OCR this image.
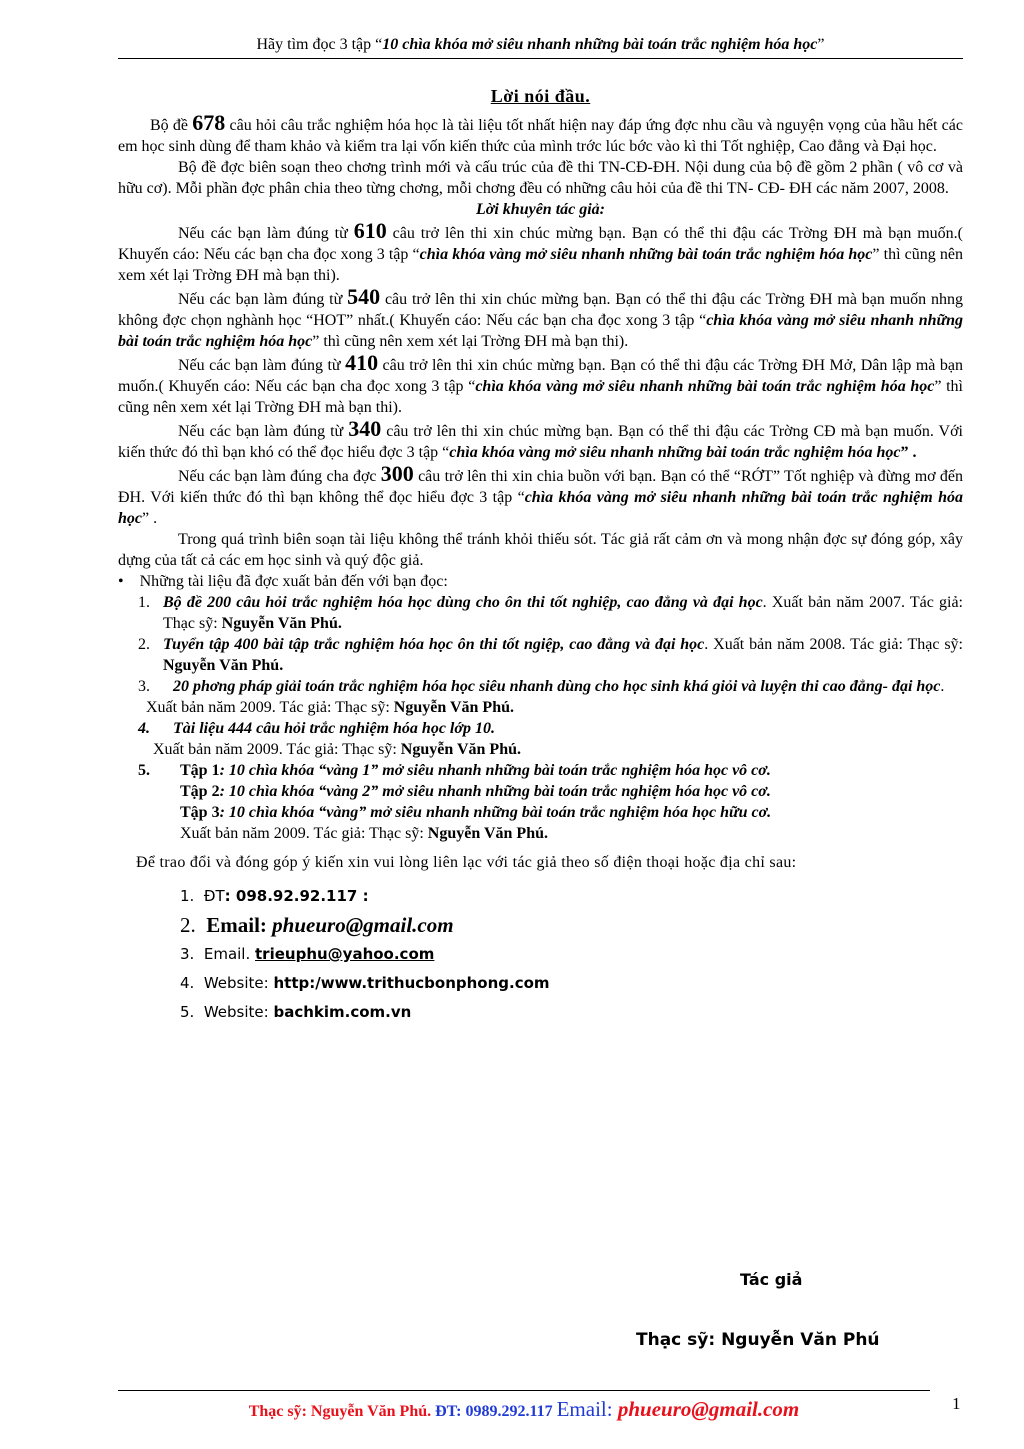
Hãy tìm đọc 3 tập “10 chìa khóa mở siêu nhanh những bài toán trắc nghiệm hóa học”
Lời nói đầu.

Bộ đề 678 câu hỏi câu trắc nghiệm hóa học là tài liệu tốt nhất hiện nay đáp ứng đợc nhu cầu và nguyện vọng của hầu hết các em học sinh dùng để tham khảo và kiểm tra lại vốn kiến thức của mình trớc lúc bớc vào kì thi Tốt nghiệp, Cao đẳng và Đại học.

Bộ đề đợc biên soạn theo chơng trình mới và cấu trúc của đề thi TN-CĐ-ĐH. Nội dung của bộ đề gồm 2 phần ( vô cơ và hữu cơ). Mỗi phần đợc phân chia theo từng chơng, mỗi chơng đều có những câu hỏi của đề thi TN- CĐ- ĐH các năm 2007, 2008.

Lời khuyên tác giả:

Nếu các bạn làm đúng từ 610 câu trở lên thi xin chúc mừng bạn. Bạn có thể thi đậu các Trờng ĐH mà bạn muốn.( Khuyến cáo: Nếu các bạn cha đọc xong 3 tập “chìa khóa vàng mở siêu nhanh những bài toán trắc nghiệm hóa học” thì cũng nên xem xét lại Trờng ĐH mà bạn thi).

Nếu các bạn làm đúng từ 540 câu trở lên thi xin chúc mừng bạn. Bạn có thể thi đậu các Trờng ĐH mà bạn muốn nhng không đợc chọn nghành học “HOT” nhất.( Khuyến cáo: Nếu các bạn cha đọc xong 3 tập “chìa khóa vàng mở siêu nhanh những bài toán trắc nghiệm hóa học” thì cũng nên xem xét lại Trờng ĐH mà bạn thi).

Nếu các bạn làm đúng từ 410 câu trở lên thi xin chúc mừng bạn. Bạn có thể thi đậu các Trờng ĐH Mở, Dân lập mà bạn muốn.( Khuyến cáo: Nếu các bạn cha đọc xong 3 tập “chìa khóa vàng mở siêu nhanh những bài toán trắc nghiệm hóa học” thì cũng nên xem xét lại Trờng ĐH mà bạn thi).

Nếu các bạn làm đúng từ 340 câu trở lên thi xin chúc mừng bạn. Bạn có thể thi đậu các Trờng CĐ mà bạn muốn. Với kiến thức đó thì bạn khó có thể đọc hiểu đợc 3 tập “chìa khóa vàng mở siêu nhanh những bài toán trắc nghiệm hóa học” .

Nếu các bạn làm đúng cha đợc 300 câu trở lên thi xin chia buồn với bạn. Bạn có thể “RỚT” Tốt nghiệp và đừng mơ đến ĐH. Với kiến thức đó thì bạn không thể đọc hiểu đợc 3 tập “chìa khóa vàng mở siêu nhanh những bài toán trắc nghiệm hóa học” .

Trong quá trình biên soạn tài liệu không thể tránh khỏi thiếu sót. Tác giả rất cảm ơn và mong nhận đợc sự đóng góp, xây dựng của tất cả các em học sinh và quý độc giả.

•    Những tài liệu đã đợc xuất bản đến với bạn đọc:

1. Bộ đề 200 câu hỏi trắc nghiệm hóa học dùng cho ôn thi tốt nghiệp, cao đẳng và đại học. Xuất bản năm 2007. Tác giả: Thạc sỹ: Nguyễn Văn Phú.
2. Tuyển tập 400 bài tập trắc nghiệm hóa học ôn thi tốt ngiệp, cao đẳng và đại học. Xuất bản năm 2008. Tác giả: Thạc sỹ: Nguyễn Văn Phú.
3. 20 phơng pháp giải toán trắc nghiệm hóa học siêu nhanh dùng cho học sinh khá giỏi và luyện thi cao đẳng- đại học.
Xuất bản năm 2009. Tác giả: Thạc sỹ: Nguyễn Văn Phú.
4. Tài liệu 444 câu hỏi trắc nghiệm hóa học lớp 10.
Xuất bản năm 2009. Tác giả: Thạc sỹ: Nguyễn Văn Phú.
5. Tập 1: 10 chìa khóa “vàng 1” mở siêu nhanh những bài toán trắc nghiệm hóa học vô cơ.
Tập 2: 10 chìa khóa “vàng 2” mở siêu nhanh những bài toán trắc nghiệm hóa học vô cơ.
Tập 3: 10 chìa khóa “vàng” mở siêu nhanh những bài toán trắc nghiệm hóa học hữu cơ.
Xuất bản năm 2009. Tác giả: Thạc sỹ: Nguyễn Văn Phú.

Để trao đổi và đóng góp ý kiến xin vui lòng liên lạc với tác giả theo số điện thoại hoặc địa chỉ sau:

1. ĐT: 098.92.92.117 :
2. Email: phueuro@gmail.com
3. Email. trieuphu@yahoo.com
4. Website: http:/www.trithucbonphong.com
5. Website: bachkim.com.vn
Tác giả
Thạc sỹ: Nguyễn Văn Phú
Thạc sỹ: Nguyễn Văn Phú. ĐT: 0989.292.117 Email: phueuro@gmail.com	1
